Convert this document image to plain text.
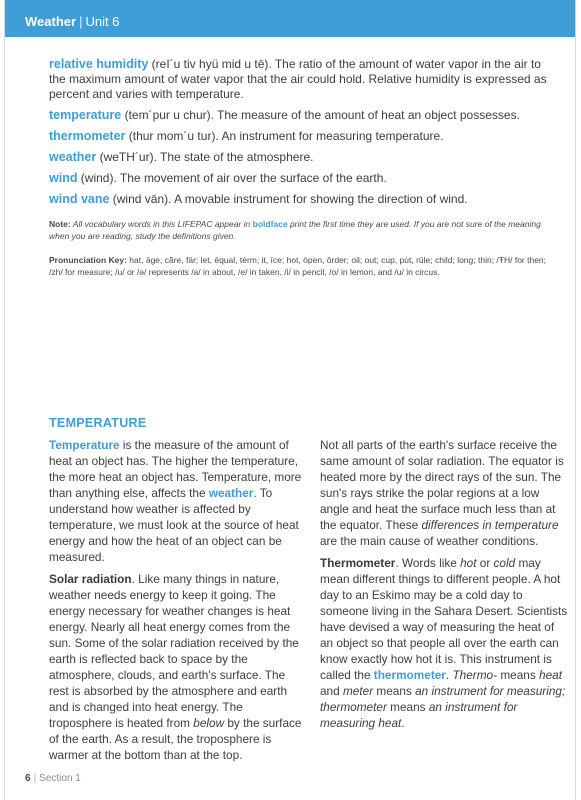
Weather | Unit 6

relative humidity (reI´u tiv hyü mid u tē). The ratio of the amount of water vapor in the air to the maximum amount of water vapor that the air could hold. Relative humidity is expressed as percent and varies with temperature.

temperature (tem´pur u chur). The measure of the amount of heat an object possesses.

thermometer (thur mom´u tur). An instrument for measuring temperature.

weather (weTH´ur). The state of the atmosphere.

wind (wind). The movement of air over the surface of the earth.

wind vane (wind vān). A movable instrument for showing the direction of wind.

Note: All vocabulary words in this LIFEPAC appear in boldface print the first time they are used. If you are not sure of the meaning when you are reading, study the definitions given.

Pronunciation Key: hat, āge, cãre, fär; let, ēqual, tėrm; it, īce; hot, ōpen, ôrder; oil; out; cup, pu̇t, rüle; child; long; thin; /ŦH/ for then; /zh/ for measure; /u/ or /ə/ represents /a/ in about, /e/ in taken, /i/ in pencil, /o/ in lemon, and /u/ in circus.

TEMPERATURE

Temperature is the measure of the amount of heat an object has. The higher the temperature, the more heat an object has. Temperature, more than anything else, affects the weather. To understand how weather is affected by temperature, we must look at the source of heat energy and how the heat of an object can be measured.

Solar radiation. Like many things in nature, weather needs energy to keep it going. The energy necessary for weather changes is heat energy. Nearly all heat energy comes from the sun. Some of the solar radiation received by the earth is reflected back to space by the atmosphere, clouds, and earth's surface. The rest is absorbed by the atmosphere and earth and is changed into heat energy. The troposphere is heated from below by the surface of the earth. As a result, the troposphere is warmer at the bottom than at the top.

Not all parts of the earth's surface receive the same amount of solar radiation. The equator is heated more by the direct rays of the sun. The sun's rays strike the polar regions at a low angle and heat the surface much less than at the equator. These differences in temperature are the main cause of weather conditions.

Thermometer. Words like hot or cold may mean different things to different people. A hot day to an Eskimo may be a cold day to someone living in the Sahara Desert. Scientists have devised a way of measuring the heat of an object so that people all over the earth can know exactly how hot it is. This instrument is called the thermometer. Thermo- means heat and meter means an instrument for measuring; thermometer means an instrument for measuring heat.

6 | Section 1
